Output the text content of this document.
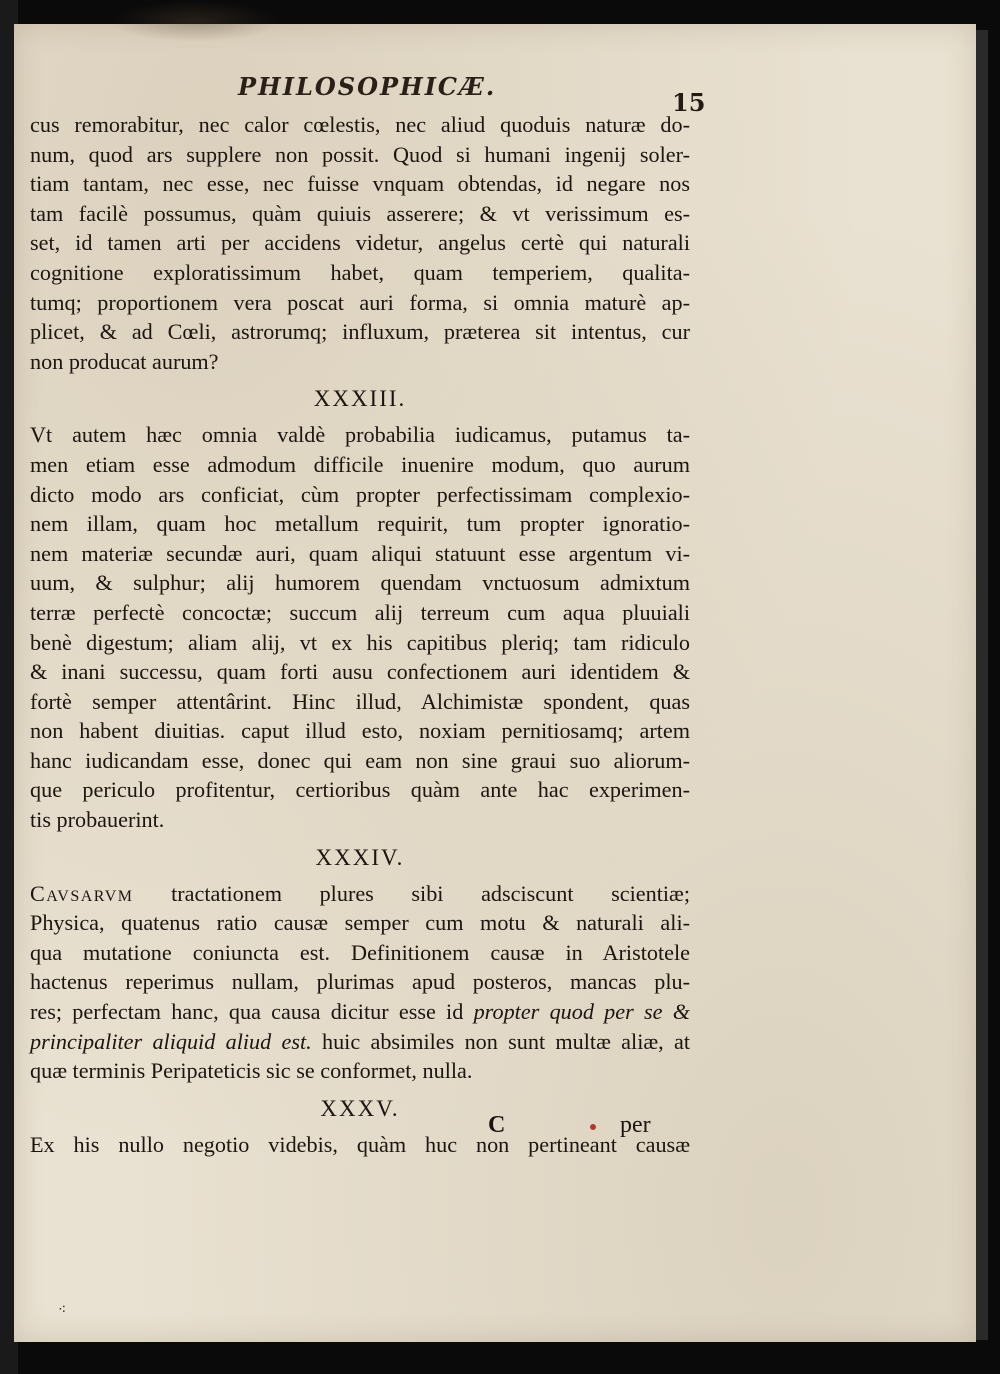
PHILOSOPHICÆ.
15
˴
cus remorabitur, nec calor cœlestis, nec aliud quoduis naturæ do-
num, quod ars supplere non possit. Quod si humani ingenij soler-
tiam tantam, nec esse, nec fuisse vnquam obtendas, id negare nos
tam facilè possumus, quàm quiuis asserere; & vt verissimum es-
set, id tamen arti per accidens videtur, angelus certè qui naturali
cognitione exploratissimum habet, quam temperiem, qualita-
tumq; proportionem vera poscat auri forma, si omnia maturè ap-
plicet, & ad Cœli, astrorumq; influxum, præterea sit intentus, cur
non producat aurum?
XXXIII.
Vt autem hæc omnia valdè probabilia iudicamus, putamus ta-
men etiam esse admodum difficile inuenire modum, quo aurum
dicto modo ars conficiat, cùm propter perfectissimam complexio-
nem illam, quam hoc metallum requirit, tum propter ignoratio-
nem materiæ secundæ auri, quam aliqui statuunt esse argentum vi-
uum, & sulphur; alij humorem quendam vnctuosum admixtum
terræ perfectè concoctæ; succum alij terreum cum aqua pluuiali
benè digestum; aliam alij, vt ex his capitibus pleriq; tam ridiculo
& inani successu, quam forti ausu confectionem auri identidem &
fortè semper attentârint. Hinc illud, Alchimistæ spondent, quas
non habent diuitias. caput illud esto, noxiam pernitiosamq; artem
hanc iudicandam esse, donec qui eam non sine graui suo aliorum-
que periculo profitentur, certioribus quàm ante hac experimen-
tis probauerint.
XXXIV.
Cavsarvm tractationem plures sibi adsciscunt scientiæ;
Physica, quatenus ratio causæ semper cum motu & naturali ali-
qua mutatione coniuncta est. Definitionem causæ in Aristotele
hactenus reperimus nullam, plurimas apud posteros, mancas plu-
res; perfectam hanc, qua causa dicitur esse id propter quod per se &
principaliter aliquid aliud est. huic absimiles non sunt multæ aliæ, at
quæ terminis Peripateticis sic se conformet, nulla.
XXXV.
Ex his nullo negotio videbis, quàm huc non pertineant causæ
C	per
⁖
